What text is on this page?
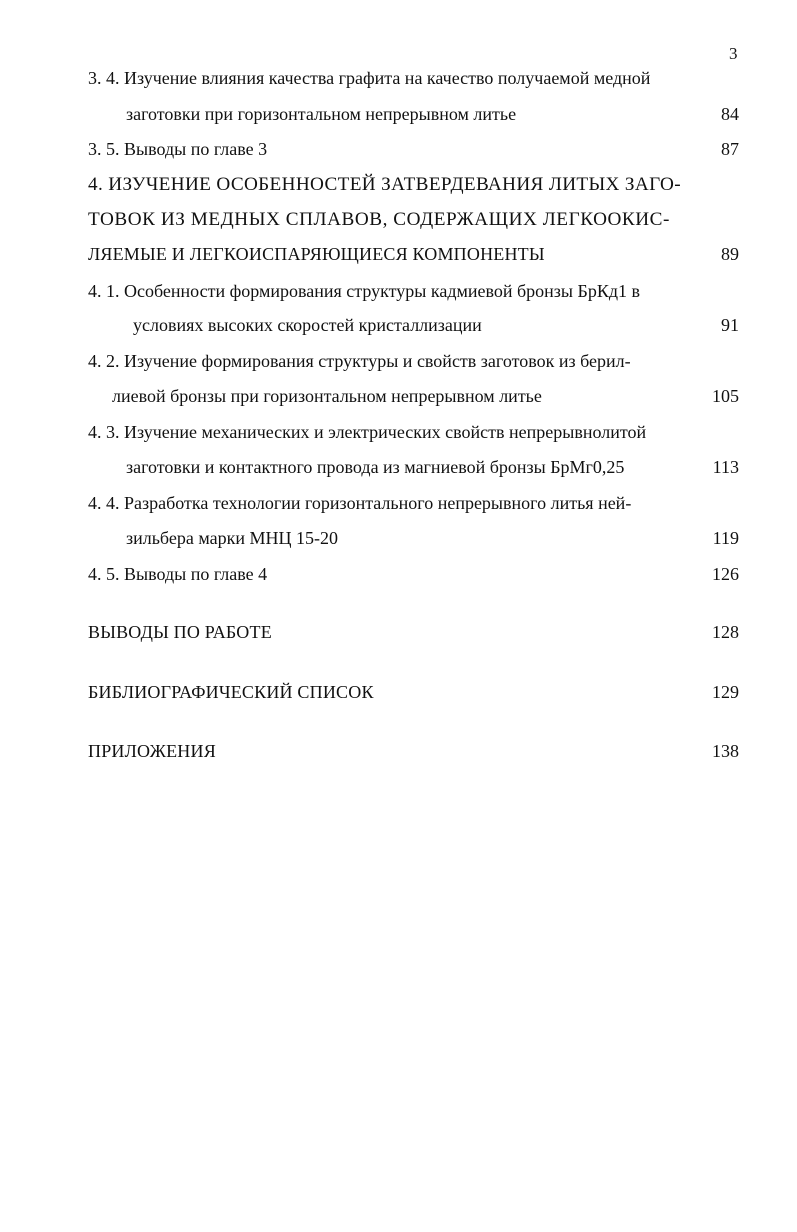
3
3. 4. Изучение влияния качества графита на качество получаемой медной
заготовки при горизонтальном непрерывном литье	84
3. 5. Выводы по главе 3	87
4. ИЗУЧЕНИЕ ОСОБЕННОСТЕЙ ЗАТВЕРДЕВАНИЯ ЛИТЫХ ЗАГО-
ТОВОК ИЗ МЕДНЫХ СПЛАВОВ, СОДЕРЖАЩИХ ЛЕГКООКИС-
ЛЯЕМЫЕ И ЛЕГКОИСПАРЯЮЩИЕСЯ КОМПОНЕНТЫ	89
4. 1. Особенности формирования структуры кадмиевой бронзы БрКд1 в
условиях высоких скоростей кристаллизации	91
4. 2. Изучение формирования структуры и свойств заготовок из берил-
лиевой бронзы при горизонтальном непрерывном литье	105
4. 3. Изучение механических и электрических свойств непрерывнолитой
заготовки и контактного провода из магниевой бронзы БрМг0,25	113
4. 4. Разработка технологии горизонтального непрерывного литья ней-
зильбера марки МНЦ 15-20	119
4. 5. Выводы по главе 4	126
ВЫВОДЫ ПО РАБОТЕ	128
БИБЛИОГРАФИЧЕСКИЙ СПИСОК	129
ПРИЛОЖЕНИЯ	138
